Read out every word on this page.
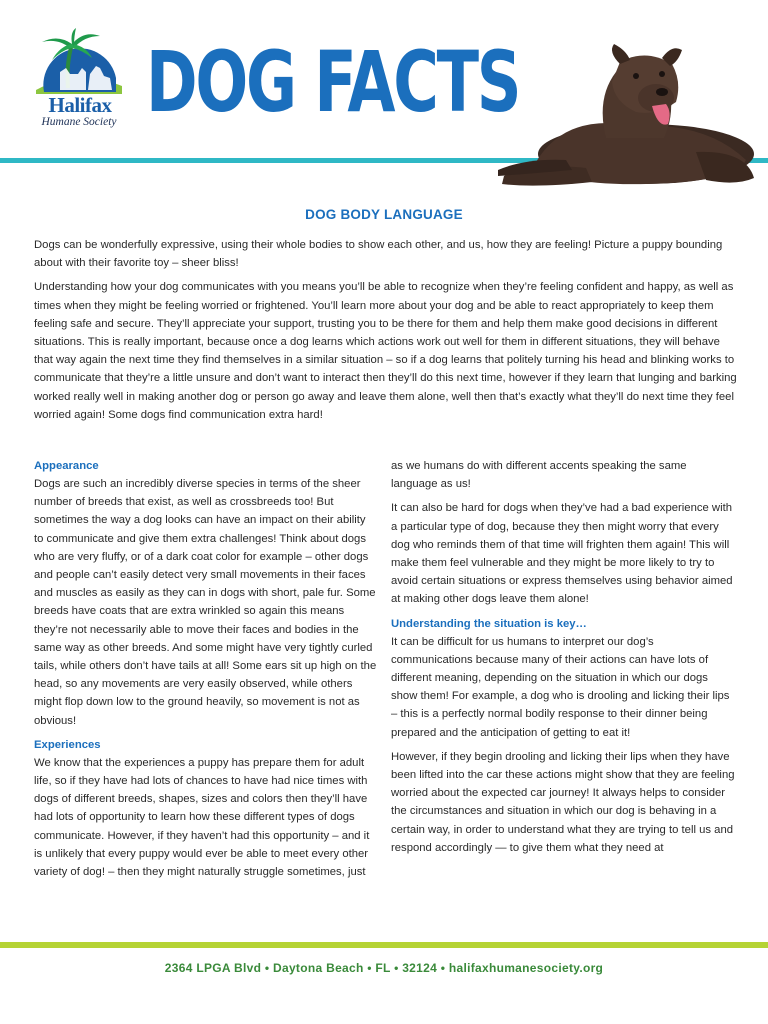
Halifax
Humane Society DOG FACTS
DOG BODY LANGUAGE

Dogs can be wonderfully expressive, using their whole bodies to show each other, and us, how they are feeling! Picture a puppy bounding about with their favorite toy – sheer bliss!

Understanding how your dog communicates with you means you’ll be able to recognize when they’re feeling confident and happy, as well as times when they might be feeling worried or frightened. You’ll learn more about your dog and be able to react appropriately to keep them feeling safe and secure. They’ll appreciate your support, trusting you to be there for them and help them make good decisions in different situations. This is really important, because once a dog learns which actions work out well for them in different situations, they will behave that way again the next time they find themselves in a similar situation – so if a dog learns that politely turning his head and blinking works to communicate that they’re a little unsure and don’t want to interact then they’ll do this next time, however if they learn that lunging and barking worked really well in making another dog or person go away and leave them alone, well then that’s exactly what they’ll do next time they feel worried again! Some dogs find communication extra hard!

Appearance

Dogs are such an incredibly diverse species in terms of the sheer number of breeds that exist, as well as crossbreeds too! But sometimes the way a dog looks can have an impact on their ability to communicate and give them extra challenges! Think about dogs who are very fluffy, or of a dark coat color for example – other dogs and people can’t easily detect very small movements in their faces and muscles as easily as they can in dogs with short, pale fur. Some breeds have coats that are extra wrinkled so again this means they’re not necessarily able to move their faces and bodies in the same way as other breeds. And some might have very tightly curled tails, while others don’t have tails at all! Some ears sit up high on the head, so any movements are very easily observed, while others might flop down low to the ground heavily, so movement is not as obvious!

Experiences

We know that the experiences a puppy has prepare them for adult life, so if they have had lots of chances to have had nice times with dogs of different breeds, shapes, sizes and colors then they’ll have had lots of opportunity to learn how these different types of dogs communicate. However, if they haven’t had this opportunity – and it is unlikely that every puppy would ever be able to meet every other variety of dog! – then they might naturally struggle sometimes, just

as we humans do with different accents speaking the same language as us!

It can also be hard for dogs when they’ve had a bad experience with a particular type of dog, because they then might worry that every dog who reminds them of that time will frighten them again! This will make them feel vulnerable and they might be more likely to try to avoid certain situations or express themselves using behavior aimed at making other dogs leave them alone!

Understanding the situation is key…

It can be difficult for us humans to interpret our dog’s communications because many of their actions can have lots of different meaning, depending on the situation in which our dogs show them! For example, a dog who is drooling and licking their lips – this is a perfectly normal bodily response to their dinner being prepared and the anticipation of getting to eat it!

However, if they begin drooling and licking their lips when they have been lifted into the car these actions might show that they are feeling worried about the expected car journey! It always helps to consider the circumstances and situation in which our dog is behaving in a certain way, in order to understand what they are trying to tell us and respond accordingly — to give them what they need at

2364 LPGA Blvd • Daytona Beach • FL • 32124 • halifaxhumanesociety.org
